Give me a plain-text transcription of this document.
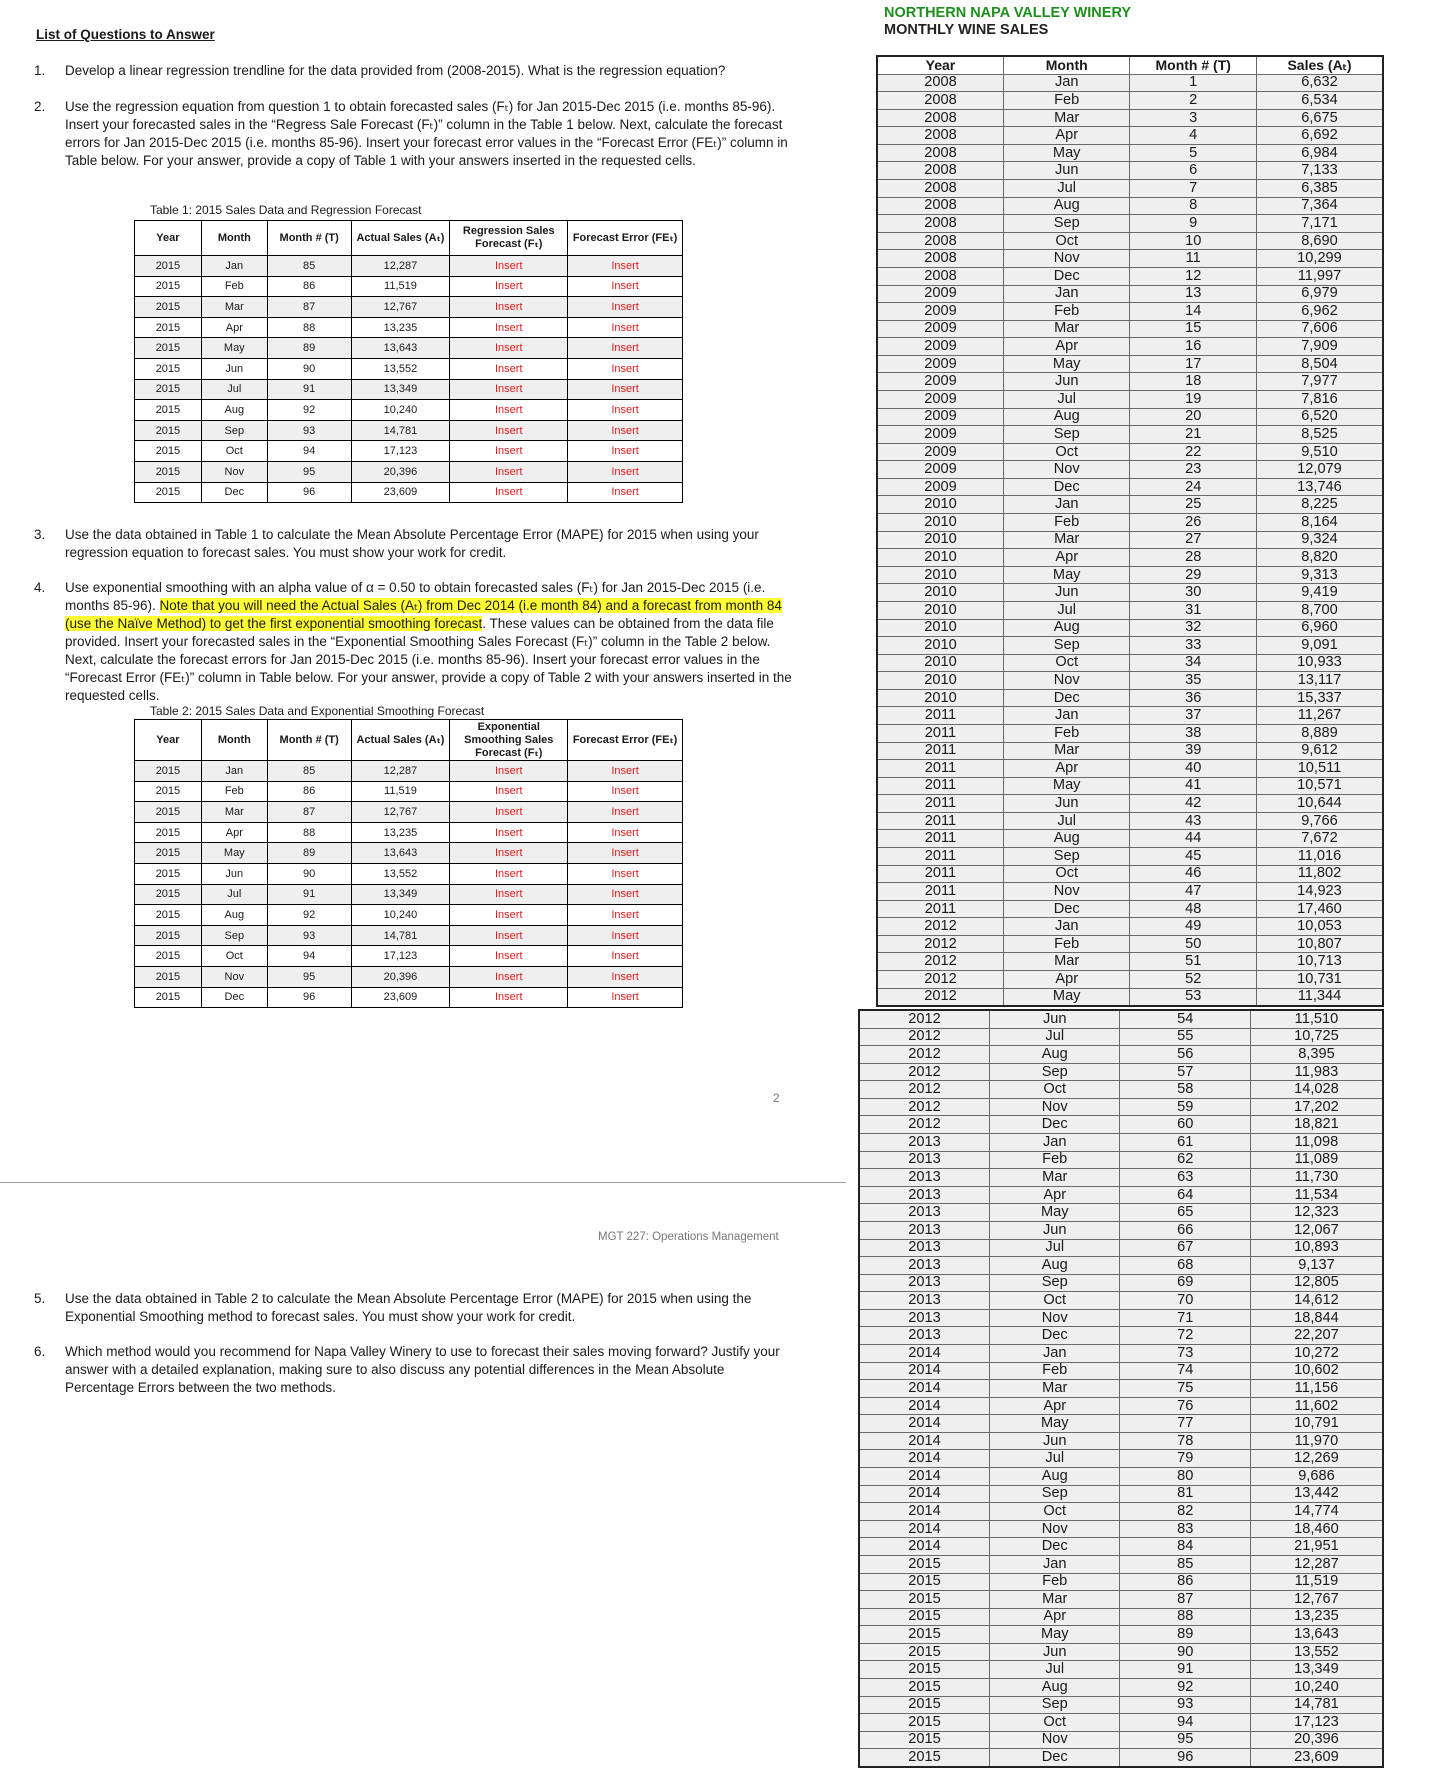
List of Questions to Answer
1. Develop a linear regression trendline for the data provided from (2008-2015). What is the regression equation?
2. Use the regression equation from question 1 to obtain forecasted sales (Fₜ) for Jan 2015-Dec 2015 (i.e. months 85-96). Insert your forecasted sales in the “Regress Sale Forecast (Fₜ)” column in the Table 1 below. Next, calculate the forecast errors for Jan 2015-Dec 2015 (i.e. months 85-96). Insert your forecast error values in the “Forecast Error (FEₜ)” column in Table below. For your answer, provide a copy of Table 1 with your answers inserted in the requested cells.
Table 1: 2015 Sales Data and Regression Forecast
Year	Month	Month # (T)	Actual Sales (Aₜ)	Regression Sales Forecast (Fₜ)	Forecast Error (FEₜ)
2015	Jan	85	12,287	Insert	Insert
2015	Feb	86	11,519	Insert	Insert
2015	Mar	87	12,767	Insert	Insert
2015	Apr	88	13,235	Insert	Insert
2015	May	89	13,643	Insert	Insert
2015	Jun	90	13,552	Insert	Insert
2015	Jul	91	13,349	Insert	Insert
2015	Aug	92	10,240	Insert	Insert
2015	Sep	93	14,781	Insert	Insert
2015	Oct	94	17,123	Insert	Insert
2015	Nov	95	20,396	Insert	Insert
2015	Dec	96	23,609	Insert	Insert
3. Use the data obtained in Table 1 to calculate the Mean Absolute Percentage Error (MAPE) for 2015 when using your regression equation to forecast sales. You must show your work for credit.
4. Use exponential smoothing with an alpha value of α = 0.50 to obtain forecasted sales (Fₜ) for Jan 2015-Dec 2015 (i.e. months 85-96). Note that you will need the Actual Sales (Aₜ) from Dec 2014 (i.e month 84) and a forecast from month 84 (use the Naïve Method) to get the first exponential smoothing forecast. These values can be obtained from the data file provided. Insert your forecasted sales in the “Exponential Smoothing Sales Forecast (Fₜ)” column in the Table 2 below. Next, calculate the forecast errors for Jan 2015-Dec 2015 (i.e. months 85-96). Insert your forecast error values in the “Forecast Error (FEₜ)” column in Table below. For your answer, provide a copy of Table 2 with your answers inserted in the requested cells.
Table 2: 2015 Sales Data and Exponential Smoothing Forecast
Year	Month	Month # (T)	Actual Sales (Aₜ)	Exponential Smoothing Sales Forecast (Fₜ)	Forecast Error (FEₜ)
2015	Jan	85	12,287	Insert	Insert
2015	Feb	86	11,519	Insert	Insert
2015	Mar	87	12,767	Insert	Insert
2015	Apr	88	13,235	Insert	Insert
2015	May	89	13,643	Insert	Insert
2015	Jun	90	13,552	Insert	Insert
2015	Jul	91	13,349	Insert	Insert
2015	Aug	92	10,240	Insert	Insert
2015	Sep	93	14,781	Insert	Insert
2015	Oct	94	17,123	Insert	Insert
2015	Nov	95	20,396	Insert	Insert
2015	Dec	96	23,609	Insert	Insert
2
MGT 227: Operations Management
5. Use the data obtained in Table 2 to calculate the Mean Absolute Percentage Error (MAPE) for 2015 when using the Exponential Smoothing method to forecast sales. You must show your work for credit.
6. Which method would you recommend for Napa Valley Winery to use to forecast their sales moving forward? Justify your answer with a detailed explanation, making sure to also discuss any potential differences in the Mean Absolute Percentage Errors between the two methods.
NORTHERN NAPA VALLEY WINERY
MONTHLY WINE SALES
Year	Month	Month # (T)	Sales (Aₜ)
2008	Jan	1	6,632
2008	Feb	2	6,534
2008	Mar	3	6,675
2008	Apr	4	6,692
2008	May	5	6,984
2008	Jun	6	7,133
2008	Jul	7	6,385
2008	Aug	8	7,364
2008	Sep	9	7,171
2008	Oct	10	8,690
2008	Nov	11	10,299
2008	Dec	12	11,997
2009	Jan	13	6,979
2009	Feb	14	6,962
2009	Mar	15	7,606
2009	Apr	16	7,909
2009	May	17	8,504
2009	Jun	18	7,977
2009	Jul	19	7,816
2009	Aug	20	6,520
2009	Sep	21	8,525
2009	Oct	22	9,510
2009	Nov	23	12,079
2009	Dec	24	13,746
2010	Jan	25	8,225
2010	Feb	26	8,164
2010	Mar	27	9,324
2010	Apr	28	8,820
2010	May	29	9,313
2010	Jun	30	9,419
2010	Jul	31	8,700
2010	Aug	32	6,960
2010	Sep	33	9,091
2010	Oct	34	10,933
2010	Nov	35	13,117
2010	Dec	36	15,337
2011	Jan	37	11,267
2011	Feb	38	8,889
2011	Mar	39	9,612
2011	Apr	40	10,511
2011	May	41	10,571
2011	Jun	42	10,644
2011	Jul	43	9,766
2011	Aug	44	7,672
2011	Sep	45	11,016
2011	Oct	46	11,802
2011	Nov	47	14,923
2011	Dec	48	17,460
2012	Jan	49	10,053
2012	Feb	50	10,807
2012	Mar	51	10,713
2012	Apr	52	10,731
2012	May	53	11,344
2012	Jun	54	11,510
2012	Jul	55	10,725
2012	Aug	56	8,395
2012	Sep	57	11,983
2012	Oct	58	14,028
2012	Nov	59	17,202
2012	Dec	60	18,821
2013	Jan	61	11,098
2013	Feb	62	11,089
2013	Mar	63	11,730
2013	Apr	64	11,534
2013	May	65	12,323
2013	Jun	66	12,067
2013	Jul	67	10,893
2013	Aug	68	9,137
2013	Sep	69	12,805
2013	Oct	70	14,612
2013	Nov	71	18,844
2013	Dec	72	22,207
2014	Jan	73	10,272
2014	Feb	74	10,602
2014	Mar	75	11,156
2014	Apr	76	11,602
2014	May	77	10,791
2014	Jun	78	11,970
2014	Jul	79	12,269
2014	Aug	80	9,686
2014	Sep	81	13,442
2014	Oct	82	14,774
2014	Nov	83	18,460
2014	Dec	84	21,951
2015	Jan	85	12,287
2015	Feb	86	11,519
2015	Mar	87	12,767
2015	Apr	88	13,235
2015	May	89	13,643
2015	Jun	90	13,552
2015	Jul	91	13,349
2015	Aug	92	10,240
2015	Sep	93	14,781
2015	Oct	94	17,123
2015	Nov	95	20,396
2015	Dec	96	23,609
